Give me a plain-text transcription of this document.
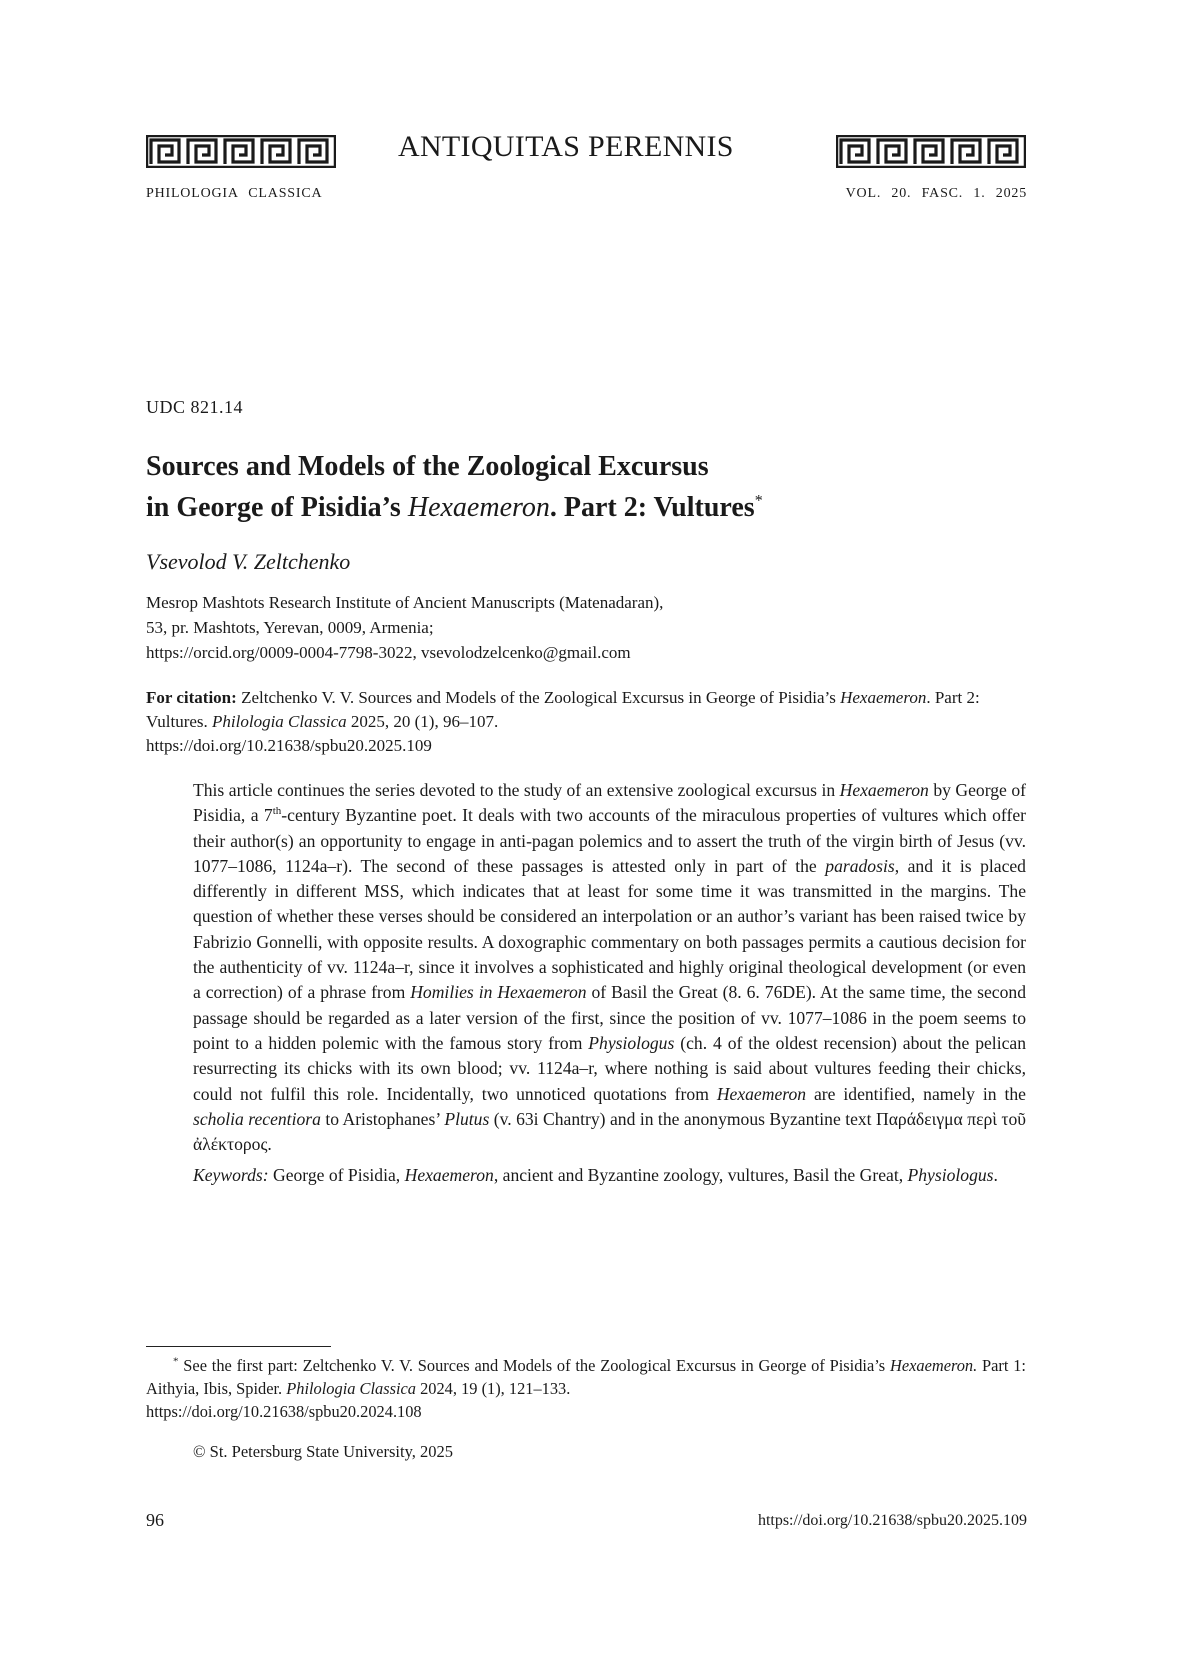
ANTIQUITAS PERENNIS
PHILOLOGIA CLASSICA	VOL. 20. FASC. 1. 2025
UDC 821.14
Sources and Models of the Zoological Excursus
in George of Pisidia’s Hexaemeron. Part 2: Vultures*
Vsevolod V. Zeltchenko
Mesrop Mashtots Research Institute of Ancient Manuscripts (Matenadaran),
53, pr. Mashtots, Yerevan, 0009, Armenia;
https://orcid.org/0009-0004-7798-3022, vsevolodzelcenko@gmail.com
For citation: Zeltchenko V. V. Sources and Models of the Zoological Excursus in George of Pisidia’s Hexaemeron. Part 2: Vultures. Philologia Classica 2025, 20 (1), 96–107.
https://doi.org/10.21638/spbu20.2025.109

This article continues the series devoted to the study of an extensive zoological excursus in Hexaemeron by George of Pisidia, a 7th-century Byzantine poet. It deals with two accounts of the miraculous properties of vultures which offer their author(s) an opportunity to engage in anti-pagan polemics and to assert the truth of the virgin birth of Jesus (vv. 1077–1086, 1124a–r). The second of these passages is attested only in part of the paradosis, and it is placed differently in different MSS, which indicates that at least for some time it was transmitted in the margins. The question of whether these verses should be considered an interpolation or an author’s variant has been raised twice by Fabrizio Gonnelli, with opposite results. A doxographic commentary on both passages permits a cautious decision for the authenticity of vv. 1124a–r, since it involves a sophisticated and highly original theological development (or even a correction) of a phrase from Homilies in Hexaemeron of Basil the Great (8. 6. 76DE). At the same time, the second passage should be regarded as a later version of the first, since the position of vv. 1077–1086 in the poem seems to point to a hidden polemic with the famous story from Physiologus (ch. 4 of the oldest recension) about the pelican resurrecting its chicks with its own blood; vv. 1124a–r, where nothing is said about vultures feeding their chicks, could not fulfil this role. Incidentally, two unnoticed quotations from Hexaemeron are identified, namely in the scholia recentiora to Aristophanes’ Plutus (v. 63i Chantry) and in the anonymous Byzantine text Παράδειγμα περὶ τοῦ ἀλέκτορος.

Keywords: George of Pisidia, Hexaemeron, ancient and Byzantine zoology, vultures, Basil the Great, Physiologus.

* See the first part: Zeltchenko V. V. Sources and Models of the Zoological Excursus in George of Pisidia’s Hexaemeron. Part 1: Aithyia, Ibis, Spider. Philologia Classica 2024, 19 (1), 121–133.
https://doi.org/10.21638/spbu20.2024.108
© St. Petersburg State University, 2025
96	https://doi.org/10.21638/spbu20.2025.109
